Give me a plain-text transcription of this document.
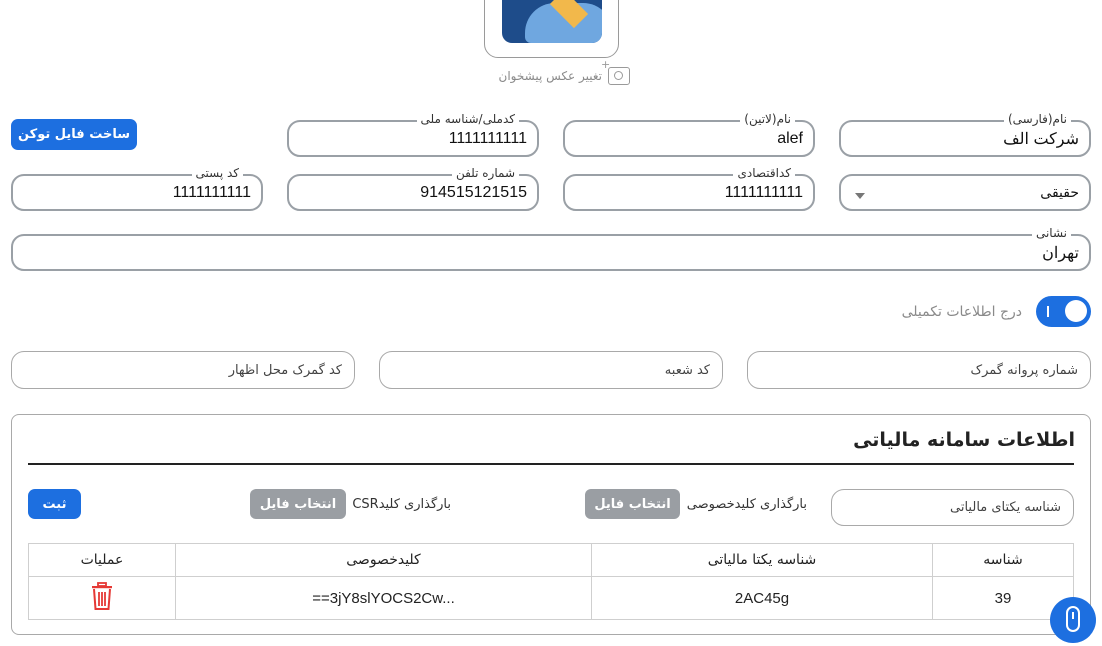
+
تغییر عکس پیشخوان
نام(فارسی)
شرکت الف
نام(لاتین)
alef
کدملی/شناسه ملی
1111111111
ساخت فایل توکن
حقیقی
کداقتصادی
1111111111
شماره تلفن
914515121515
کد پستی
1111111111
نشانی
تهران
درج اطلاعات تکمیلی
شماره پروانه گمرک
کد شعبه
کد گمرک محل اظهار
اطلاعات سامانه مالیاتی
شناسه یکتای مالیاتی
بارگذاری کلیدخصوصی
انتخاب فایل
بارگذاری کلیدCSR
انتخاب فایل
ثبت
شناسه	شناسه یکتا مالیاتی	کلیدخصوصی	عملیات
39	2AC45g	==3jY8slYOCS2Cw...	
